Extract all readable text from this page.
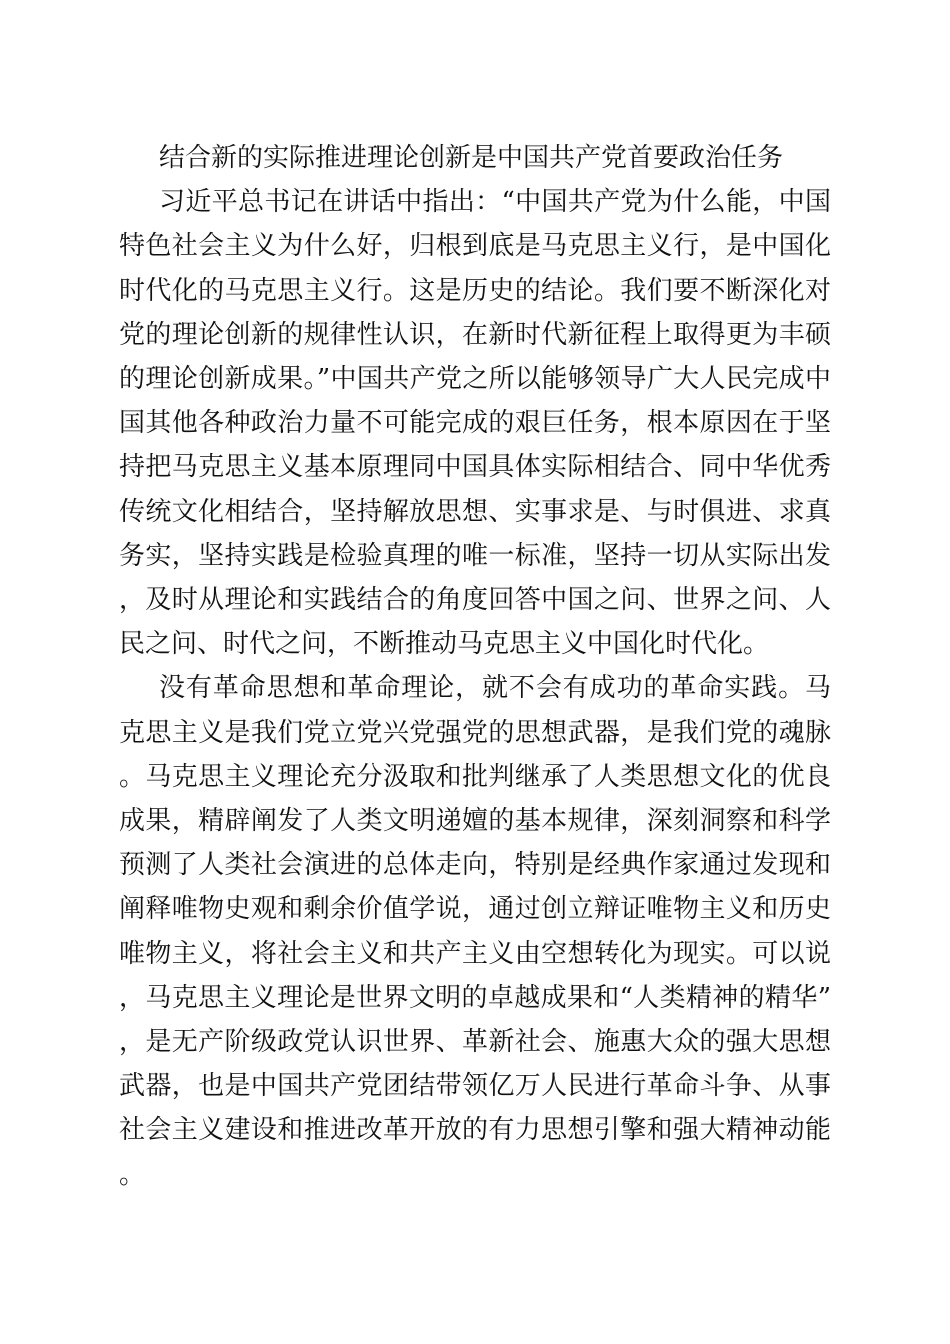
结合新的实际推进理论创新是中国共产党首要政治任务

习近平总书记在讲话中指出：“中国共产党为什么能，中国特色社会主义为什么好，归根到底是马克思主义行，是中国化时代化的马克思主义行。这是历史的结论。我们要不断深化对党的理论创新的规律性认识，在新时代新征程上取得更为丰硕的理论创新成果。”中国共产党之所以能够领导广大人民完成中国其他各种政治力量不可能完成的艰巨任务，根本原因在于坚持把马克思主义基本原理同中国具体实际相结合、同中华优秀传统文化相结合，坚持解放思想、实事求是、与时俱进、求真务实，坚持实践是检验真理的唯一标准，坚持一切从实际出发，及时从理论和实践结合的角度回答中国之问、世界之问、人民之问、时代之问，不断推动马克思主义中国化时代化。

没有革命思想和革命理论，就不会有成功的革命实践。马克思主义是我们党立党兴党强党的思想武器，是我们党的魂脉。马克思主义理论充分汲取和批判继承了人类思想文化的优良成果，精辟阐发了人类文明递嬗的基本规律，深刻洞察和科学预测了人类社会演进的总体走向，特别是经典作家通过发现和阐释唯物史观和剩余价值学说，通过创立辩证唯物主义和历史唯物主义，将社会主义和共产主义由空想转化为现实。可以说，马克思主义理论是世界文明的卓越成果和“人类精神的精华”，是无产阶级政党认识世界、革新社会、施惠大众的强大思想武器，也是中国共产党团结带领亿万人民进行革命斗争、从事社会主义建设和推进改革开放的有力思想引擎和强大精神动能。
